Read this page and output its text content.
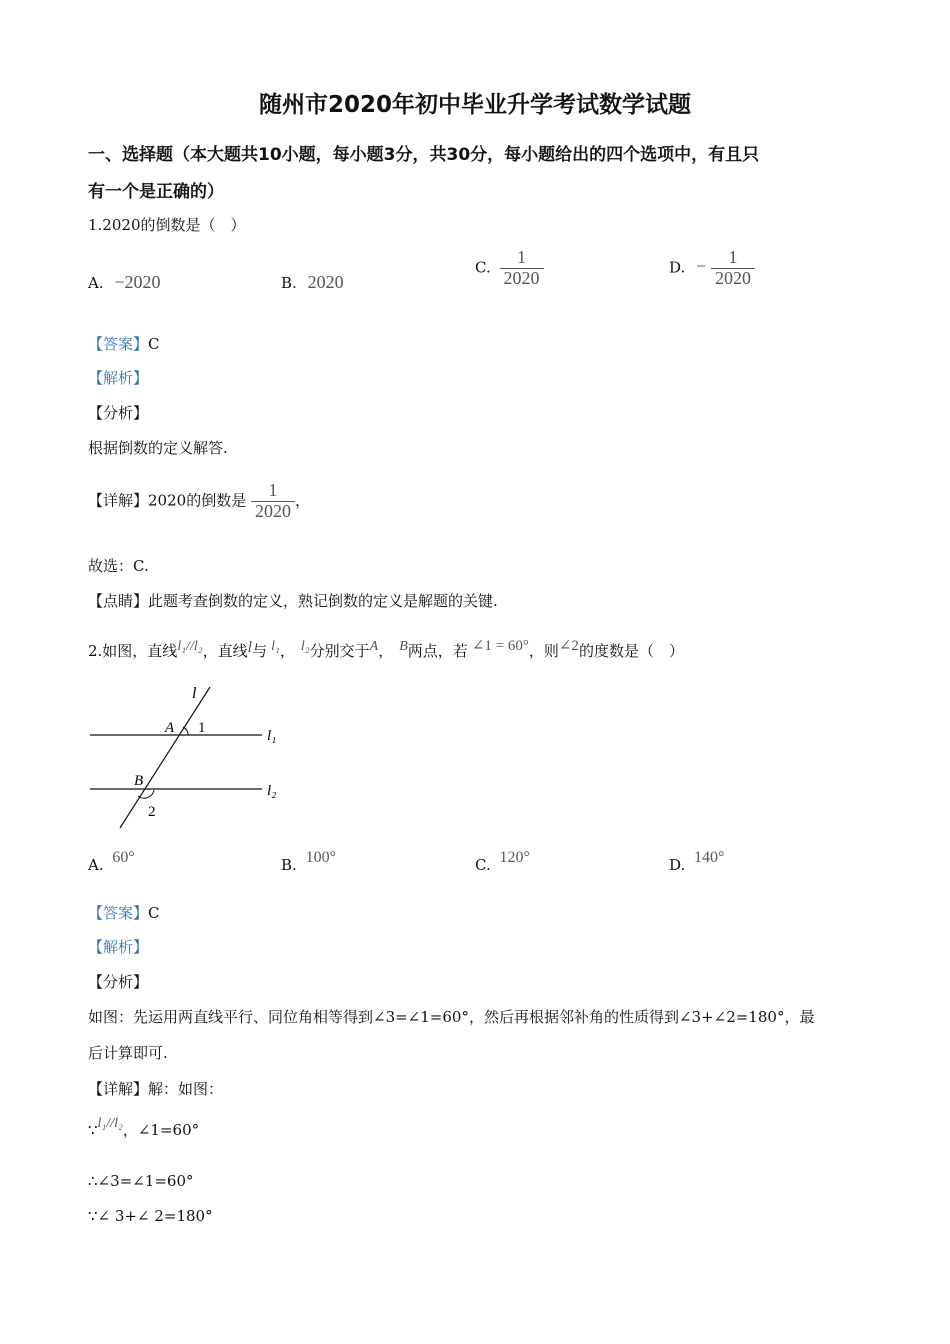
随州市2020年初中毕业升学考试数学试题
一、选择题（本大题共10小题，每小题3分，共30分，每小题给出的四个选项中，有且只
有一个是正确的）
1.2020的倒数是（　）
A. −2020	B. 2020
C. $\frac{1}{2020}$	D. − $\frac{1}{2020}$
【答案】C
【解析】
【分析】
根据倒数的定义解答.
【详解】2020的倒数是 $\frac{1}{2020}$ ，
故选：C.
【点睛】此题考查倒数的定义，熟记倒数的定义是解题的关键.
2.如图，直线l₁//l₂，直线l与 l₁， l₂分别交于A， B两点，若 ∠1 = 60°，则∠2的度数是（　）
l
A 1	l₁
B
l₂
2
A. 60°	B. 100°	C. 120°	D. 140°
【答案】C
【解析】
【分析】
如图：先运用两直线平行、同位角相等得到∠3=∠1=60°，然后再根据邻补角的性质得到∠3+∠2=180°，最
后计算即可.
【详解】解：如图：
∵l₁//l₂，∠1=60°
∴∠3=∠1=60°
∵∠ 3+∠ 2=180°
